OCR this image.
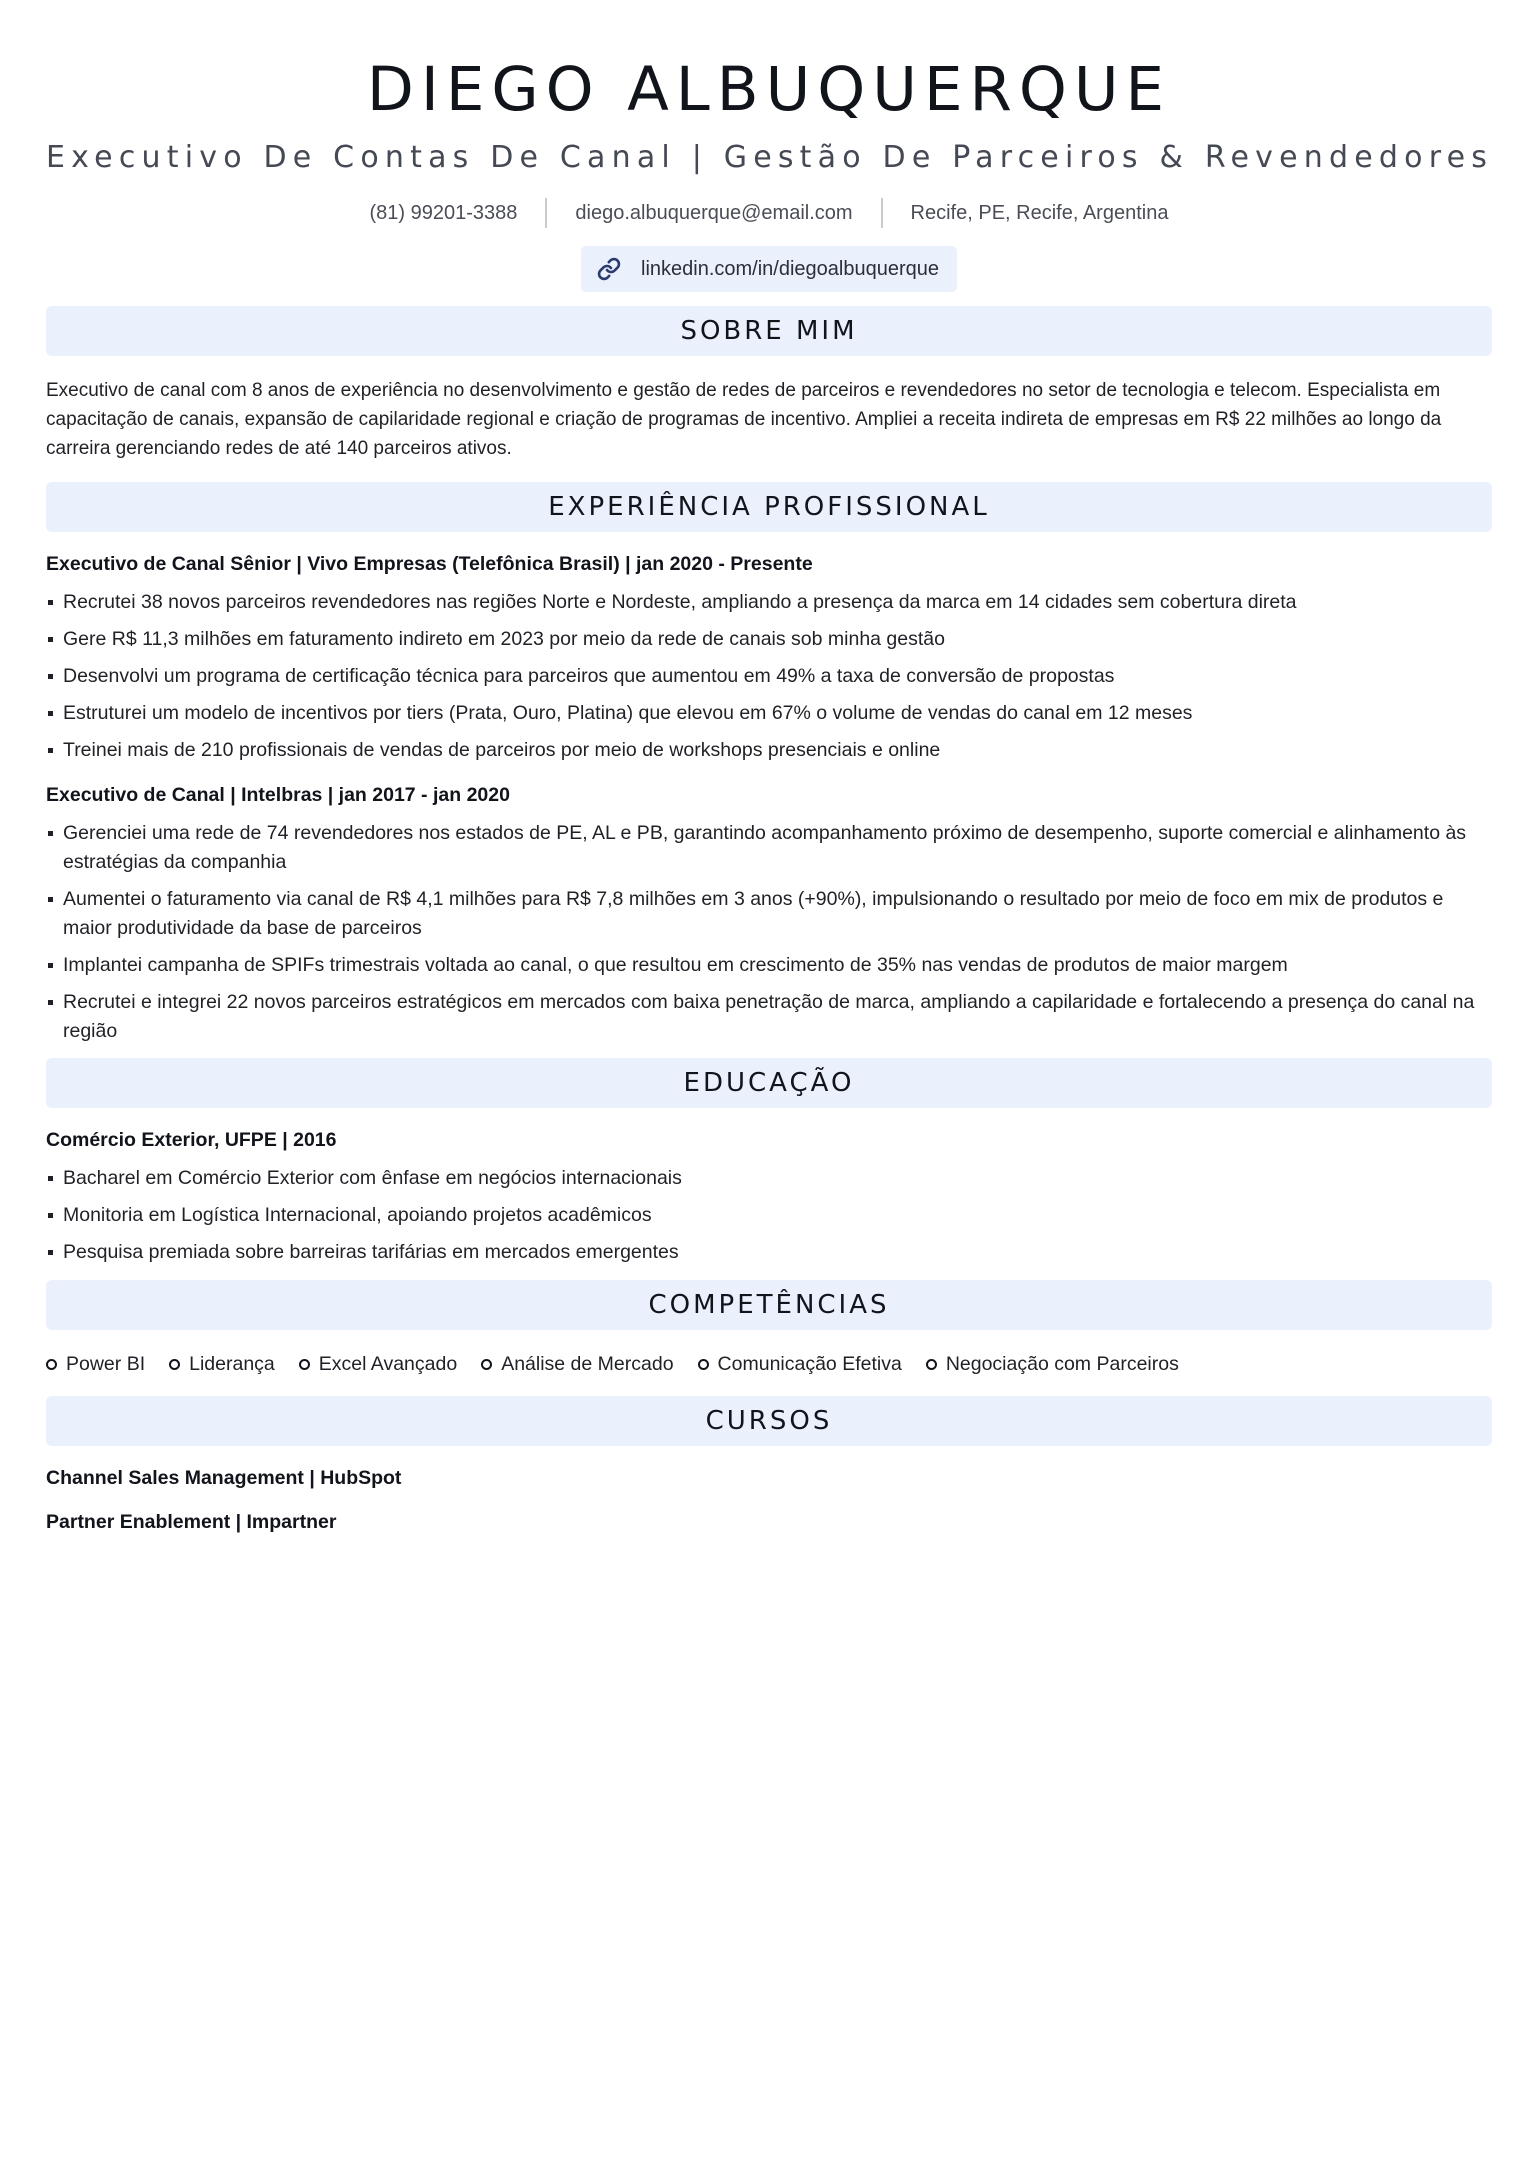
DIEGO ALBUQUERQUE
Executivo De Contas De Canal | Gestão De Parceiros & Revendedores
(81) 99201-3388	diego.albuquerque@email.com	Recife, PE, Recife, Argentina
linkedin.com/in/diegoalbuquerque
SOBRE MIM
Executivo de canal com 8 anos de experiência no desenvolvimento e gestão de redes de parceiros e revendedores no setor de tecnologia e telecom. Especialista em capacitação de canais, expansão de capilaridade regional e criação de programas de incentivo. Ampliei a receita indireta de empresas em R$ 22 milhões ao longo da carreira gerenciando redes de até 140 parceiros ativos.
EXPERIÊNCIA PROFISSIONAL
Executivo de Canal Sênior | Vivo Empresas (Telefônica Brasil) | jan 2020 - Presente
Recrutei 38 novos parceiros revendedores nas regiões Norte e Nordeste, ampliando a presença da marca em 14 cidades sem cobertura direta
Gere R$ 11,3 milhões em faturamento indireto em 2023 por meio da rede de canais sob minha gestão
Desenvolvi um programa de certificação técnica para parceiros que aumentou em 49% a taxa de conversão de propostas
Estruturei um modelo de incentivos por tiers (Prata, Ouro, Platina) que elevou em 67% o volume de vendas do canal em 12 meses
Treinei mais de 210 profissionais de vendas de parceiros por meio de workshops presenciais e online
Executivo de Canal | Intelbras | jan 2017 - jan 2020
Gerenciei uma rede de 74 revendedores nos estados de PE, AL e PB, garantindo acompanhamento próximo de desempenho, suporte comercial e alinhamento às estratégias da companhia
Aumentei o faturamento via canal de R$ 4,1 milhões para R$ 7,8 milhões em 3 anos (+90%), impulsionando o resultado por meio de foco em mix de produtos e maior produtividade da base de parceiros
Implantei campanha de SPIFs trimestrais voltada ao canal, o que resultou em crescimento de 35% nas vendas de produtos de maior margem
Recrutei e integrei 22 novos parceiros estratégicos em mercados com baixa penetração de marca, ampliando a capilaridade e fortalecendo a presença do canal na região
EDUCAÇÃO
Comércio Exterior, UFPE | 2016
Bacharel em Comércio Exterior com ênfase em negócios internacionais
Monitoria em Logística Internacional, apoiando projetos acadêmicos
Pesquisa premiada sobre barreiras tarifárias em mercados emergentes
COMPETÊNCIAS
Power BI Liderança Excel Avançado Análise de Mercado Comunicação Efetiva Negociação com Parceiros
CURSOS
Channel Sales Management | HubSpot
Partner Enablement | Impartner
